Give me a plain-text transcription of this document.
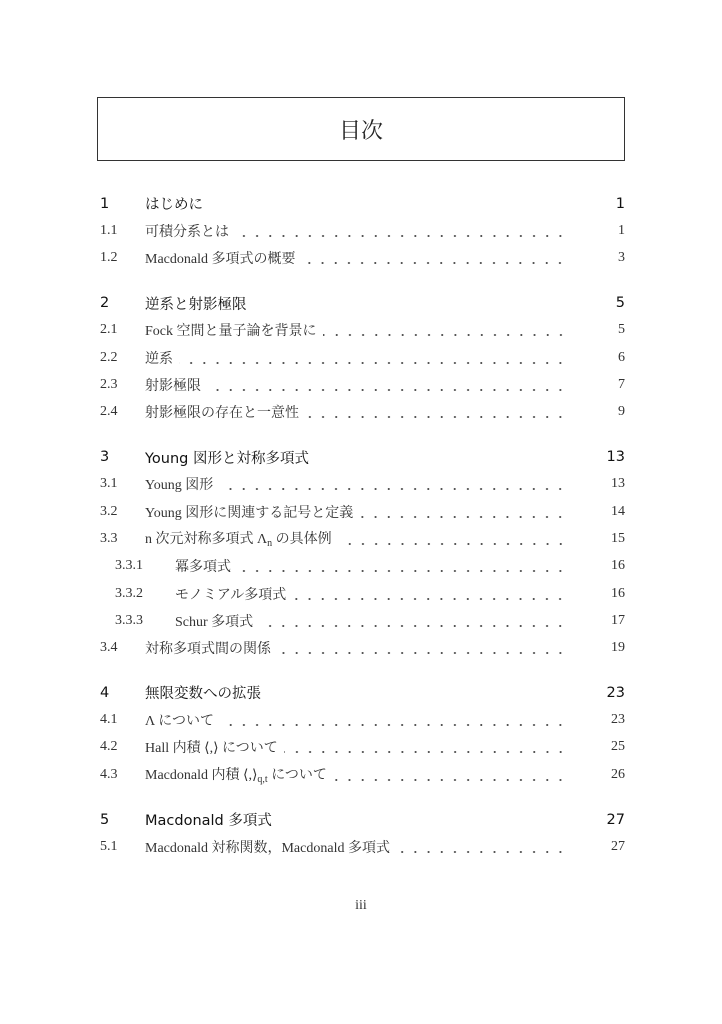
目次
1	はじめに	1
1.1	可積分系とは	1
1.2	Macdonald 多項式の概要	3
2	逆系と射影極限	5
2.1	Fock 空間と量子論を背景に	5
2.2	逆系	6
2.3	射影極限	7
2.4	射影極限の存在と一意性	9
3	Young 図形と対称多項式	13
3.1	Young 図形	13
3.2	Young 図形に関連する記号と定義	14
3.3	n 次元対称多項式 $\Lambda_n$ の具体例	15
3.3.1	冪多項式	16
3.3.2	モノミアル多項式	16
3.3.3	Schur 多項式	17
3.4	対称多項式間の関係	19
4	無限変数への拡張	23
4.1	Λ について	23
4.2	Hall 内積 ⟨,⟩ について	25
4.3	Macdonald 内積 $⟨,⟩_{q,t}$ について	26
5	Macdonald 多項式	27
5.1	Macdonald 対称関数，Macdonald 多項式	27
iii
